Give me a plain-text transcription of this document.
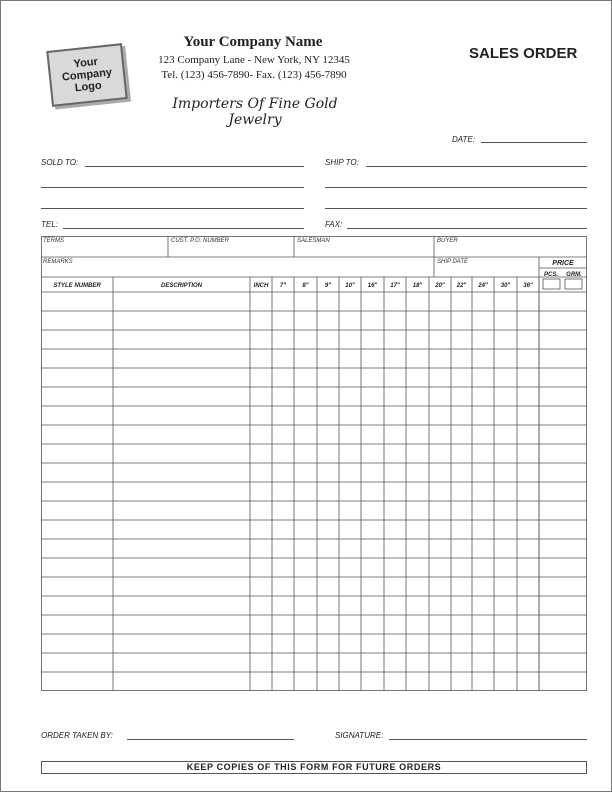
Your
Company
Logo
Your Company Name
123 Company Lane - New York, NY 12345
Tel. (123) 456-7890- Fax. (123) 456-7890
Importers Of Fine Gold Jewelry
SALES ORDER
DATE:
SOLD TO:	SHIP TO:
TEL:	FAX:
TERMS	CUST. P.O. NUMBER	SALESMAN	BUYER
REMARKS	SHIP DATE	PRICE
PCS. GRM.
STYLE NUMBER	DESCRIPTION	INCH 7"	8"	9" 10" 16" 17" 18" 20" 22" 24" 30" 36"
ORDER TAKEN BY:	SIGNATURE:
KEEP COPIES OF THIS FORM FOR FUTURE ORDERS
